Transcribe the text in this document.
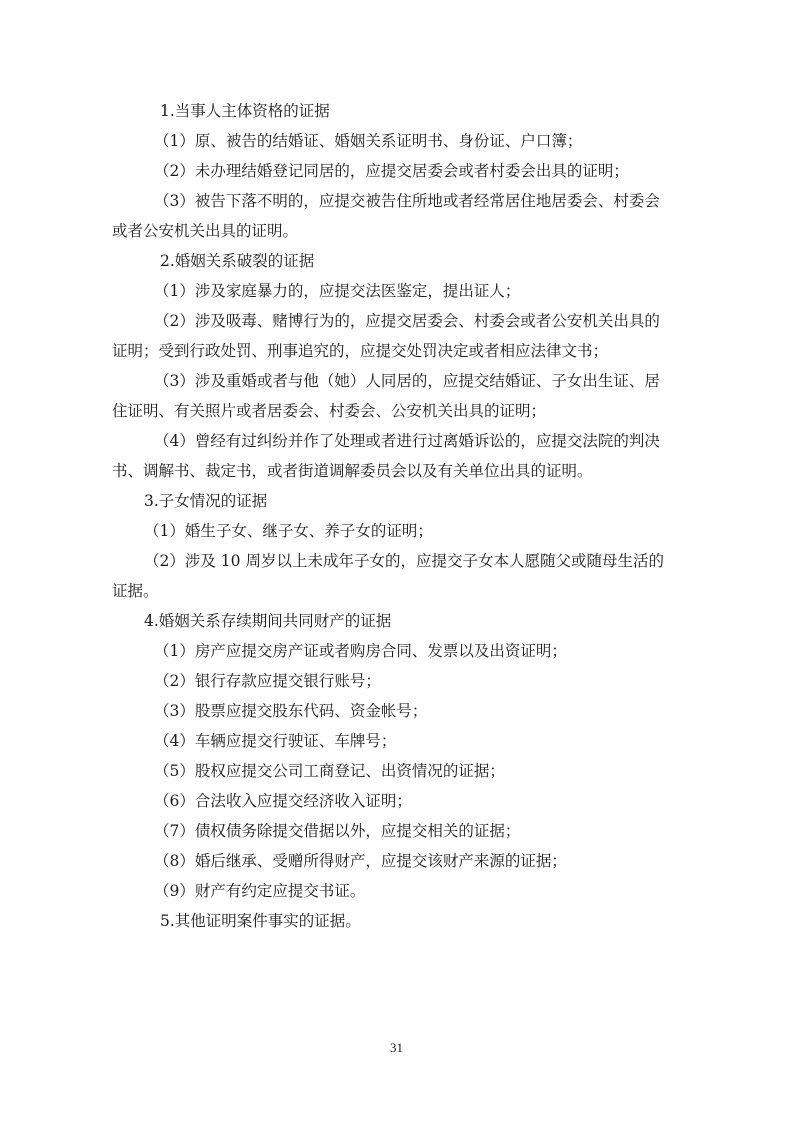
1.当事人主体资格的证据
（1）原、被告的结婚证、婚姻关系证明书、身份证、户口簿；
（2）未办理结婚登记同居的，应提交居委会或者村委会出具的证明；
（3）被告下落不明的，应提交被告住所地或者经常居住地居委会、村委会
或者公安机关出具的证明。
2.婚姻关系破裂的证据
（1）涉及家庭暴力的，应提交法医鉴定，提出证人；
（2）涉及吸毒、赌博行为的，应提交居委会、村委会或者公安机关出具的
证明；受到行政处罚、刑事追究的，应提交处罚决定或者相应法律文书；
（3）涉及重婚或者与他（她）人同居的，应提交结婚证、子女出生证、居
住证明、有关照片或者居委会、村委会、公安机关出具的证明；
（4）曾经有过纠纷并作了处理或者进行过离婚诉讼的，应提交法院的判决
书、调解书、裁定书，或者街道调解委员会以及有关单位出具的证明。
3.子女情况的证据
（1）婚生子女、继子女、养子女的证明；
（2）涉及 10 周岁以上未成年子女的，应提交子女本人愿随父或随母生活的
证据。
4.婚姻关系存续期间共同财产的证据
（1）房产应提交房产证或者购房合同、发票以及出资证明；
（2）银行存款应提交银行账号；
（3）股票应提交股东代码、资金帐号；
（4）车辆应提交行驶证、车牌号；
（5）股权应提交公司工商登记、出资情况的证据；
（6）合法收入应提交经济收入证明；
（7）债权债务除提交借据以外，应提交相关的证据；
（8）婚后继承、受赠所得财产，应提交该财产来源的证据；
（9）财产有约定应提交书证。
5.其他证明案件事实的证据。
31
